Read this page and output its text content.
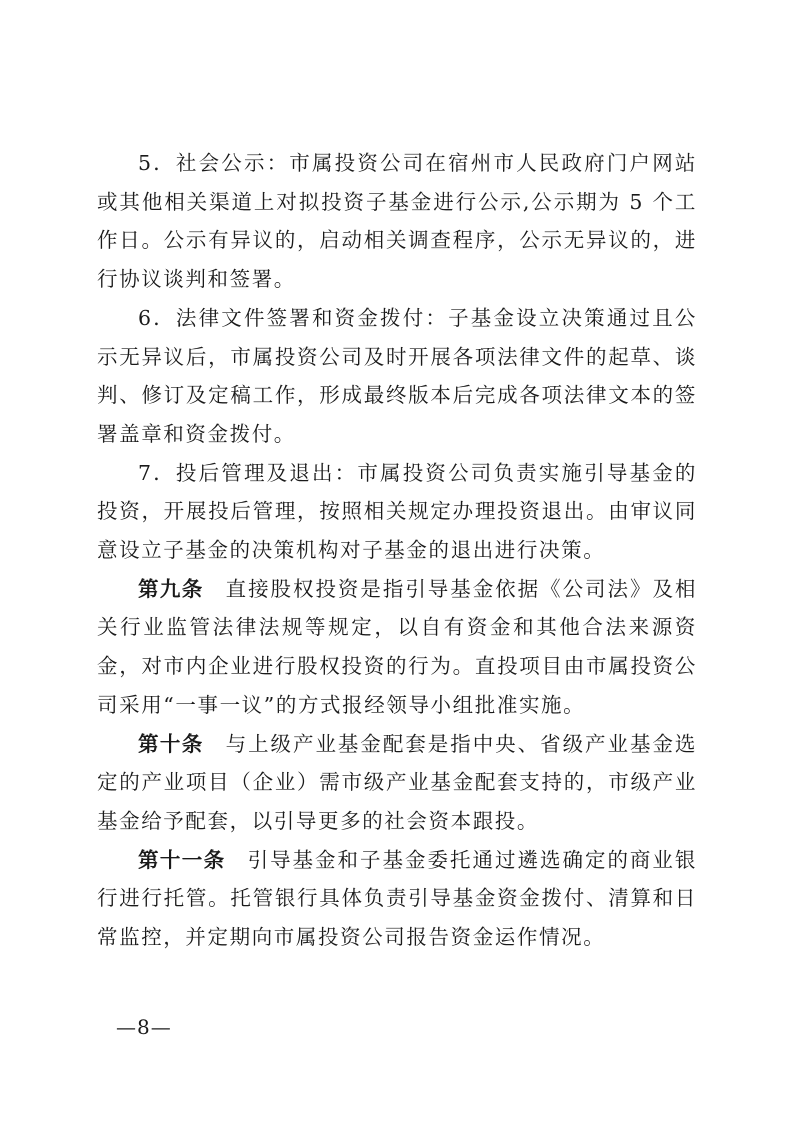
5．社会公示：市属投资公司在宿州市人民政府门户网站或其他相关渠道上对拟投资子基金进行公示,公示期为 5 个工作日。公示有异议的，启动相关调查程序，公示无异议的，进行协议谈判和签署。

6．法律文件签署和资金拨付：子基金设立决策通过且公示无异议后，市属投资公司及时开展各项法律文件的起草、谈判、修订及定稿工作，形成最终版本后完成各项法律文本的签署盖章和资金拨付。

7．投后管理及退出：市属投资公司负责实施引导基金的投资，开展投后管理，按照相关规定办理投资退出。由审议同意设立子基金的决策机构对子基金的退出进行决策。

第九条 直接股权投资是指引导基金依据《公司法》及相关行业监管法律法规等规定，以自有资金和其他合法来源资金，对市内企业进行股权投资的行为。直投项目由市属投资公司采用“一事一议”的方式报经领导小组批准实施。

第十条 与上级产业基金配套是指中央、省级产业基金选定的产业项目（企业）需市级产业基金配套支持的，市级产业基金给予配套，以引导更多的社会资本跟投。

第十一条 引导基金和子基金委托通过遴选确定的商业银行进行托管。托管银行具体负责引导基金资金拨付、清算和日常监控，并定期向市属投资公司报告资金运作情况。

—8—
